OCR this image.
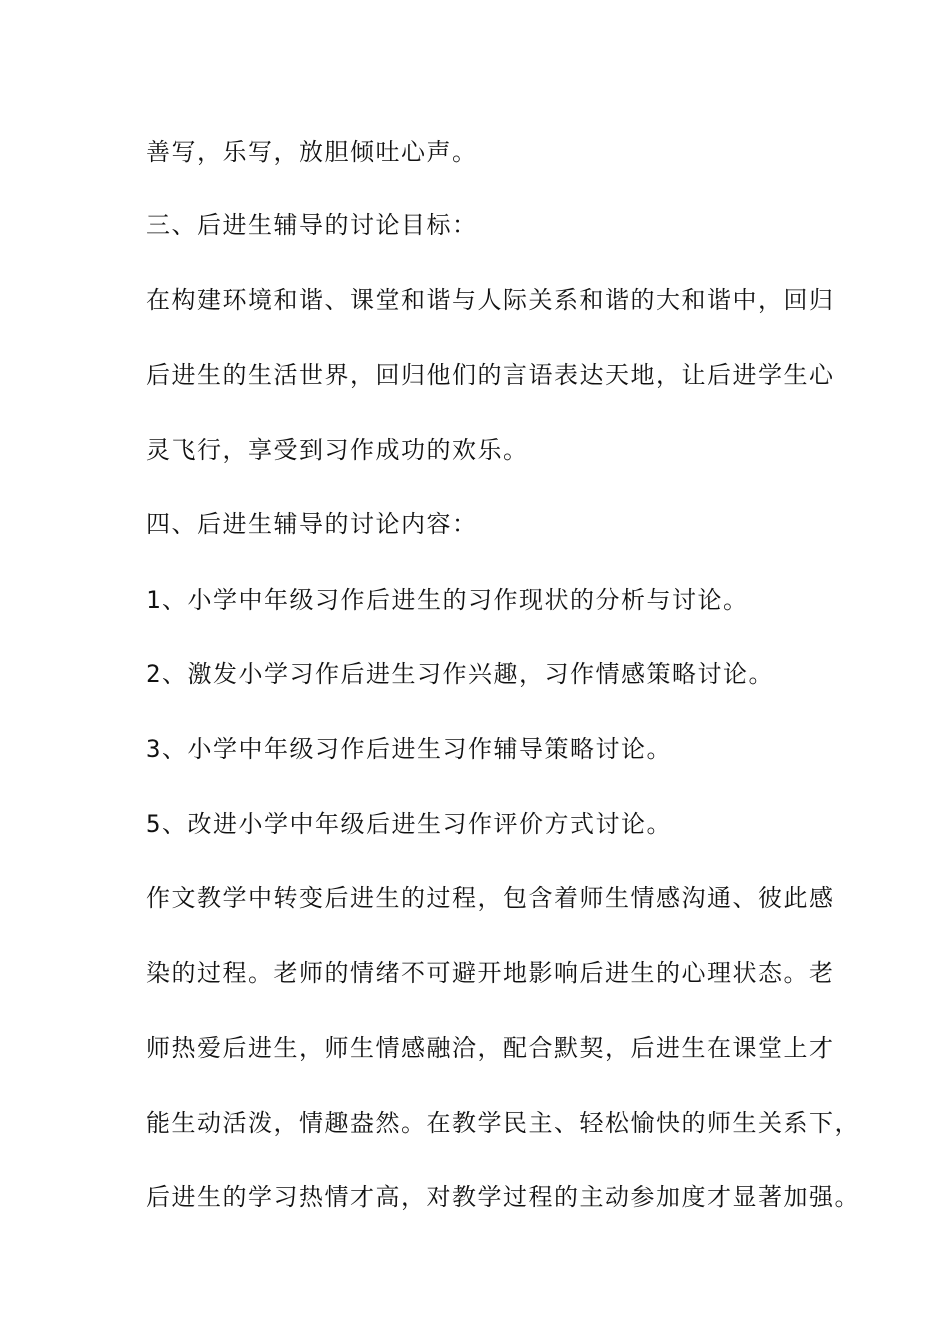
善写，乐写，放胆倾吐心声。
三、后进生辅导的讨论目标：
在构建环境和谐、课堂和谐与人际关系和谐的大和谐中，回归
后进生的生活世界，回归他们的言语表达天地，让后进学生心
灵飞行，享受到习作成功的欢乐。
四、后进生辅导的讨论内容：
1、小学中年级习作后进生的习作现状的分析与讨论。
2、激发小学习作后进生习作兴趣，习作情感策略讨论。
3、小学中年级习作后进生习作辅导策略讨论。
5、改进小学中年级后进生习作评价方式讨论。
作文教学中转变后进生的过程，包含着师生情感沟通、彼此感
染的过程。老师的情绪不可避开地影响后进生的心理状态。老
师热爱后进生，师生情感融洽，配合默契，后进生在课堂上才
能生动活泼，情趣盎然。在教学民主、轻松愉快的师生关系下，
后进生的学习热情才高，对教学过程的主动参加度才显著加强。
